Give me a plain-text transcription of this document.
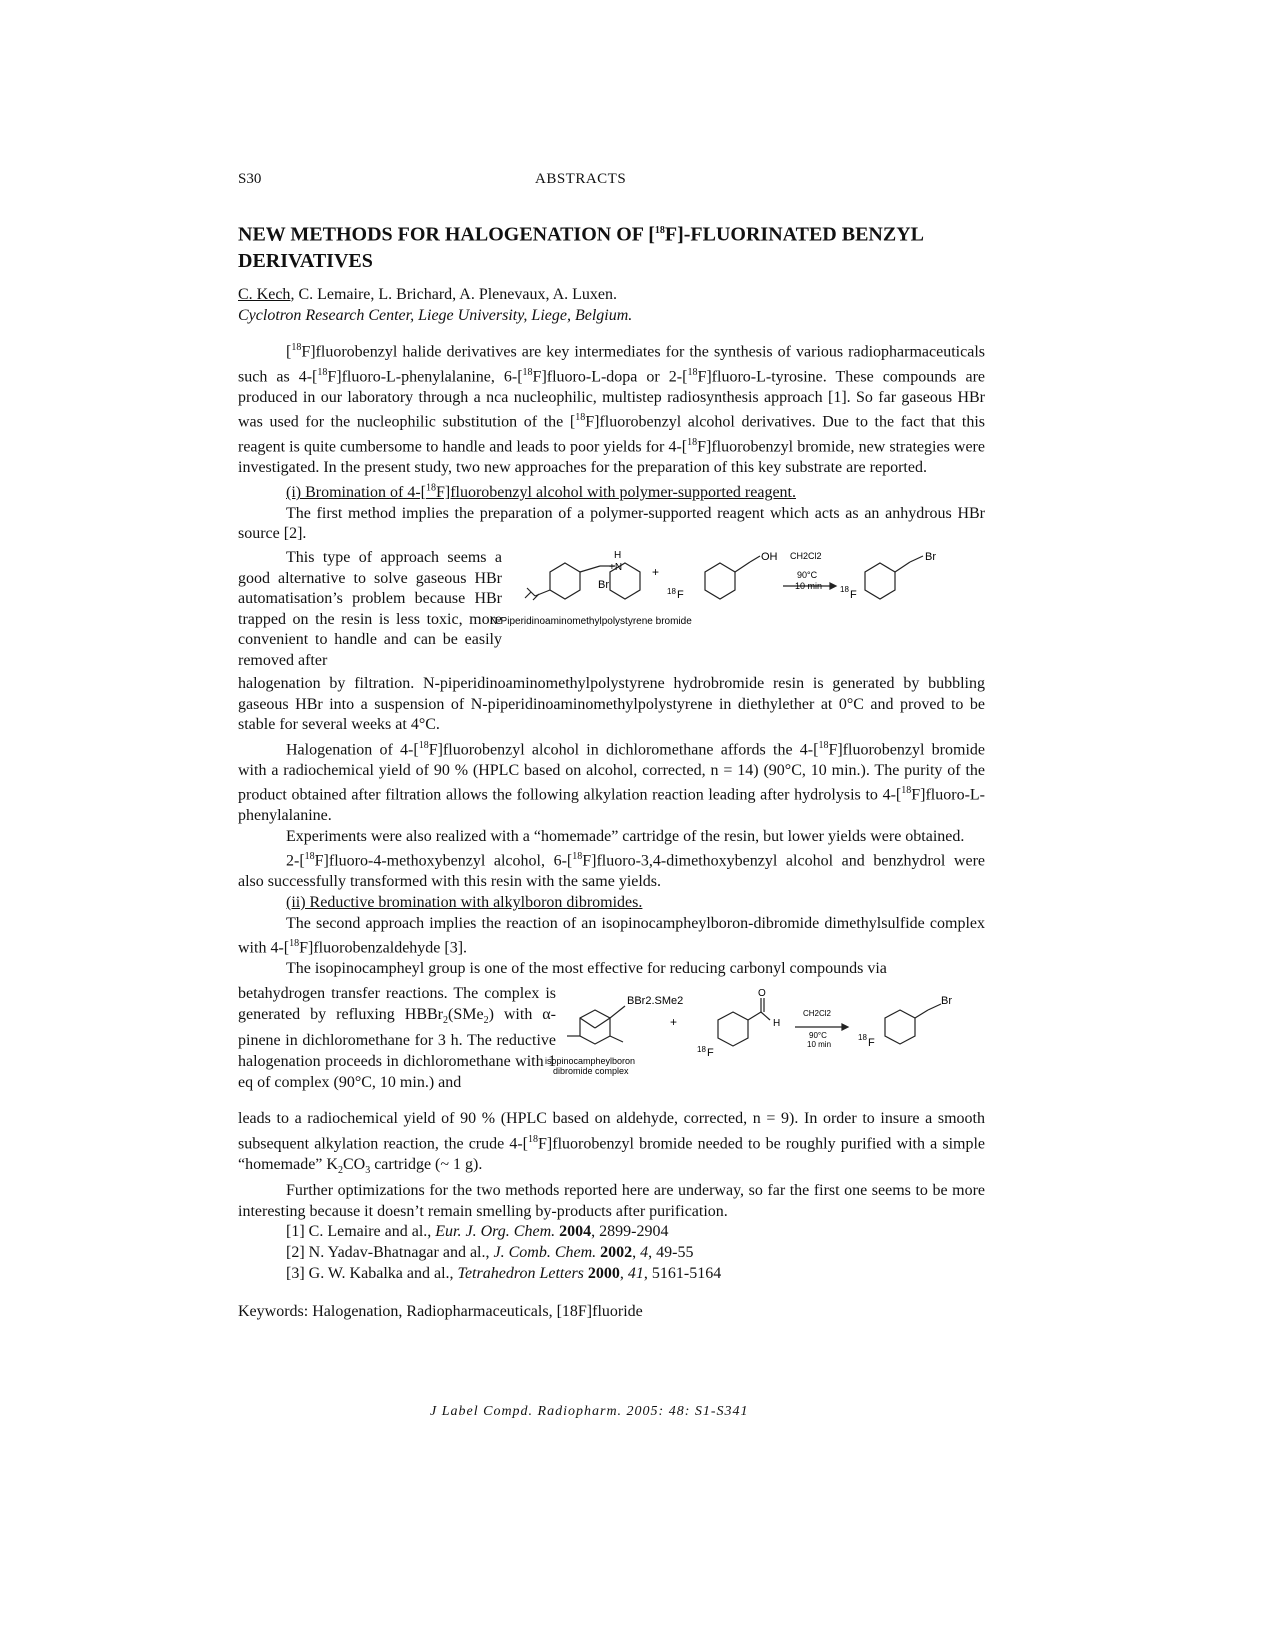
S30	ABSTRACTS
NEW METHODS FOR HALOGENATION OF [$^{18}$F]-FLUORINATED BENZYL DERIVATIVES
C. Kech, C. Lemaire, L. Brichard, A. Plenevaux, A. Luxen.
Cyclotron Research Center, Liege University, Liege, Belgium.

[$^{18}$F]fluorobenzyl halide derivatives are key intermediates for the synthesis of various radiopharmaceuticals such as 4-[$^{18}$F]fluoro-L-phenylalanine, 6-[$^{18}$F]fluoro-L-dopa or 2-[$^{18}$F]fluoro-L-tyrosine. These compounds are produced in our laboratory through a nca nucleophilic, multistep radiosynthesis approach [1]. So far gaseous HBr was used for the nucleophilic substitution of the [$^{18}$F]fluorobenzyl alcohol derivatives. Due to the fact that this reagent is quite cumbersome to handle and leads to poor yields for 4-[$^{18}$F]fluorobenzyl bromide, new strategies were investigated. In the present study, two new approaches for the preparation of this key substrate are reported.

(i) Bromination of 4-[$^{18}$F]fluorobenzyl alcohol with polymer-supported reagent.

The first method implies the preparation of a polymer-supported reagent which acts as an anhydrous HBr source [2].

This type of approach seems a good alternative to solve gaseous HBr automatisation’s problem because HBr trapped on the resin is less toxic, more convenient to handle and can be easily removed after

H
+N
Br
+
18 F
OH CH2Cl2
90°C
10 min 18 F
Br
N-Piperidinoaminomethylpolystyrene bromide

halogenation by filtration. N-piperidinoaminomethylpolystyrene hydrobromide resin is generated by bubbling gaseous HBr into a suspension of N-piperidinoaminomethylpolystyrene in diethylether at 0°C and proved to be stable for several weeks at 4°C.

Halogenation of 4-[$^{18}$F]fluorobenzyl alcohol in dichloromethane affords the 4-[$^{18}$F]fluorobenzyl bromide with a radiochemical yield of 90 % (HPLC based on alcohol, corrected, n = 14) (90°C, 10 min.). The purity of the product obtained after filtration allows the following alkylation reaction leading after hydrolysis to 4-[$^{18}$F]fluoro-L-phenylalanine.

Experiments were also realized with a “homemade” cartridge of the resin, but lower yields were obtained.

2-[$^{18}$F]fluoro-4-methoxybenzyl alcohol, 6-[$^{18}$F]fluoro-3,4-dimethoxybenzyl alcohol and benzhydrol were also successfully transformed with this resin with the same yields.

(ii) Reductive bromination with alkylboron dibromides.

The second approach implies the reaction of an isopinocampheylboron-dibromide dimethylsulfide complex with 4-[$^{18}$F]fluorobenzaldehyde [3].

The isopinocampheyl group is one of the most effective for reducing carbonyl compounds via

betahydrogen transfer reactions. The complex is generated by refluxing HBBr$_2$(SMe$_2$) with α-pinene in dichloromethane for 3 h. The reductive halogenation proceeds in dichloromethane with 1 eq of complex (90°C, 10 min.) and

BBr2.SMe2
+
O
H
18 F
CH2Cl2
90°C
10 min
18 F
Br
isopinocampheylboron
dibromide complex

leads to a radiochemical yield of 90 % (HPLC based on aldehyde, corrected, n = 9). In order to insure a smooth subsequent alkylation reaction, the crude 4-[$^{18}$F]fluorobenzyl bromide needed to be roughly purified with a simple “homemade” $K_2CO_3$ cartridge (~ 1 g).

Further optimizations for the two methods reported here are underway, so far the first one seems to be more interesting because it doesn’t remain smelling by-products after purification.

[1] C. Lemaire and al., Eur. J. Org. Chem. 2004, 2899-2904

[2] N. Yadav-Bhatnagar and al., J. Comb. Chem. 2002, 4, 49-55

[3] G. W. Kabalka and al., Tetrahedron Letters 2000, 41, 5161-5164

Keywords: Halogenation, Radiopharmaceuticals, [18F]fluoride
J Label Compd. Radiopharm. 2005: 48: S1-S341
